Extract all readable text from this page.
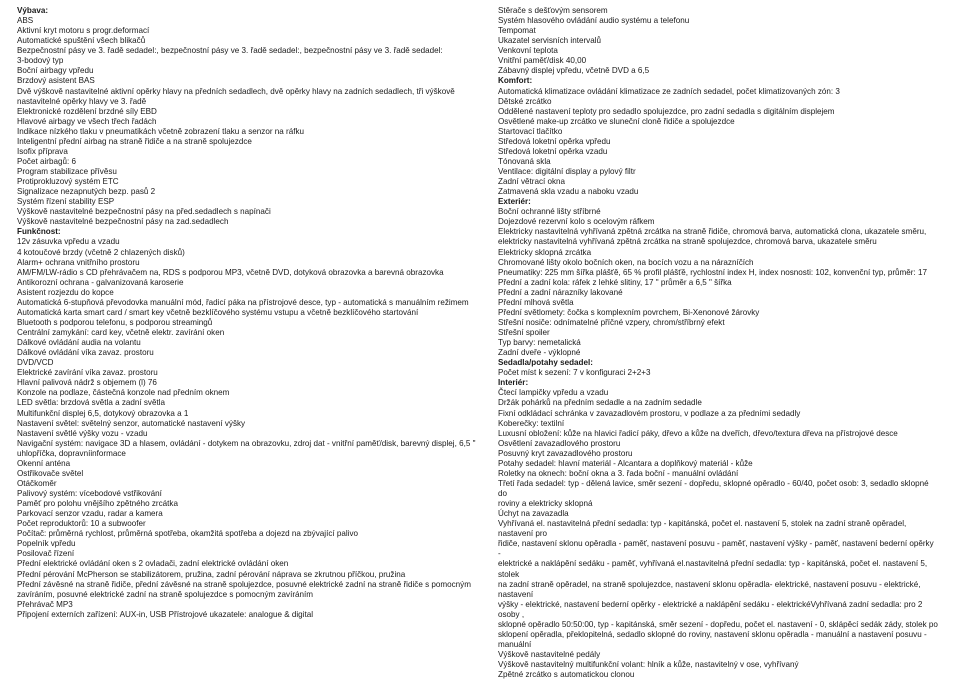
Výbava:
ABS
Aktivní kryt motoru s progr.deformací
Automatické spuštění všech blikačů
Bezpečnostní pásy ve 3. řadě sedadel:, bezpečnostní pásy ve 3. řadě sedadel:, bezpečnostní pásy ve 3. řadě sedadel:
3-bodový typ
Boční airbagy vpředu
Brzdový asistent BAS
Dvě výškově nastavitelné aktivní opěrky hlavy na předních sedadlech, dvě opěrky hlavy na zadních sedadlech, tři výškově
nastavitelné opěrky hlavy ve 3. řadě
Elektronické rozdělení brzdné síly EBD
Hlavové airbagy ve všech třech řadách
Indikace nízkého tlaku v pneumatikách včetně zobrazení tlaku a senzor na ráfku
Inteligentní přední airbag na straně řidiče a na straně spolujezdce
Isofix příprava
Počet airbagů: 6
Program stabilizace přívěsu
Protiprokluzový systém ETC
Signalizace nezapnutých bezp. pasů 2
Systém řízení stability ESP
Výškově nastavitelné bezpečnostní pásy na před.sedadlech s napínači
Výškově nastavitelné bezpečnostní pásy na zad.sedadlech
Funkčnost:
12v zásuvka vpředu a vzadu
4 kotoučové brzdy (včetně 2 chlazených disků)
Alarm+ ochrana vnitřního prostoru
AM/FM/LW-rádio s CD přehrávačem na, RDS s podporou MP3, včetně DVD, dotyková obrazovka a barevná obrazovka
Antikorozní ochrana - galvanizovaná karoserie
Asistent rozjezdu do kopce
Automatická 6-stupňová převodovka manuální mód, řadicí páka na přístrojové desce, typ - automatická s manuálním režimem
Automatická karta smart card / smart key včetně bezklíčového systému vstupu a včetně bezklíčového startování
Bluetooth s podporou telefonu, s podporou streamingů
Centrální zamykání: card key, včetně elektr. zavírání oken
Dálkové ovládání audia na volantu
Dálkové ovládání víka zavaz. prostoru
DVD/VCD
Elektrické zavírání víka zavaz. prostoru
Hlavní palivová nádrž s objemem (l) 76
Konzole na podlaze, částečná konzole nad předním oknem
LED světla: brzdová světla a zadní světla
Multifunkční displej 6,5, dotykový obrazovka a 1
Nastavení světel: světelný senzor, automatické nastavení výšky
Nastavení světlé výšky vozu - vzadu
Navigační systém: navigace 3D a hlasem, ovládání - dotykem na obrazovku, zdroj dat - vnitřní paměť/disk, barevný displej, 6,5 "
uhlopříčka, dopravníinformace
Okenní anténa
Ostřikovače světel
Otáčkoměr
Palivový systém: vícebodové vstřikování
Paměť pro polohu vnějšího zpětného zrcátka
Parkovací senzor vzadu, radar a kamera
Počet reproduktorů: 10 a subwoofer
Počítač: průměrná rychlost, průměrná spotřeba, okamžitá spotřeba a dojezd na zbývající palivo
Popelník vpředu
Posilovač řízení
Přední elektrické ovládání oken s 2 ovladači, zadní elektrické ovládání oken
Přední pérování McPherson se stabilizátorem, pružina, zadní pérování náprava se zkrutnou příčkou, pružina
Přední závěsné na straně řidiče, přední závěsné na straně spolujezdce, posuvné elektrické zadní na straně řidiče s pomocným
zavíráním, posuvné elektrické zadní na straně spolujezdce s pomocným zavíráním
Přehrávač MP3
Připojení externích zařízení: AUX-in, USB Přístrojové ukazatele: analogue & digital
Stěrače s dešťovým sensorem
Systém hlasového ovládání audio systému a telefonu
Tempomat
Ukazatel servisních intervalů
Venkovní teplota
Vnitřní paměť/disk 40,00
Zábavný displej vpředu, včetně DVD a 6,5
Komfort:
Automatická klimatizace ovládání klimatizace ze zadních sedadel, počet klimatizovaných zón: 3
Dětské zrcátko
Oddělené nastavení teploty pro sedadlo spolujezdce, pro zadní sedadla s digitálním displejem
Osvětlené make-up zrcátko ve sluneční cloně řidiče a spolujezdce
Startovací tlačítko
Středová loketní opěrka vpředu
Středová loketní opěrka vzadu
Tónovaná skla
Ventilace: digitální display a pylový filtr
Zadní větrací okna
Zatmavená skla vzadu a naboku vzadu
Exteriér:
Boční ochranné lišty stříbrné
Dojezdové rezervní kolo s ocelovým ráfkem
Elektricky nastavitelná vyhřívaná zpětná zrcátka na straně řidiče, chromová barva, automatická clona, ukazatele směru,
elektricky nastavitelná vyhřívaná zpětná zrcátka na straně spolujezdce, chromová barva, ukazatele směru
Elektricky sklopná zrcátka
Chromované lišty okolo bočních oken, na bocích vozu a na nárazníčích
Pneumatiky: 225 mm šířka plášťě, 65 % profil plášťě, rychlostní index H, index nosnosti: 102, konvenční typ, průměr: 17
Přední a zadní kola: ráfek z lehké slitiny, 17 " průměr a 6,5 " šířka
Přední a zadní nárazníky lakované
Přední mlhová světla
Přední světlomety: čočka s komplexním povrchem, Bi-Xenonové žárovky
Střešní nosiče: odnímatelné příčné vzpery, chrom/stříbrný efekt
Střešní spoiler
Typ barvy: nemetalická
Zadní dveře - výklopné
Sedadla/potahy sedadel:
Počet míst k sezení: 7 v konfiguraci 2+2+3
Interiér:
Čtecí lampičky vpředu a vzadu
Držák pohárků na předním sedadle a na zadním sedadle
Fixní odkládací schránka v zavazadlovém prostoru, v podlaze a za předními sedadly
Koberečky: textilní
Luxusní obložení: kůže na hlavici řadicí páky, dřevo a kůže na dveřích, dřevo/textura dřeva na přístrojové desce
Osvětlení zavazadlového prostoru
Posuvný kryt zavazadlového prostoru
Potahy sedadel: hlavní materiál - Alcantara a doplňkový materiál - kůže
Roletky na oknech: boční okna a 3. řada boční - manuální ovládání
Třetí řada sedadel: typ - dělená lavice, směr sezení - dopředu, sklopné opěradlo - 60/40, počet osob: 3, sedadlo sklopné do
roviny a elektricky sklopná
Úchyt na zavazadla
Vyhřívaná el. nastavitelná přední sedadla: typ - kapitánská, počet el. nastavení 5, stolek na zadní straně opěradel, nastavení pro
řidiče, nastavení sklonu opěradla - paměť, nastavení posuvu - paměť, nastavení výšky - paměť, nastavení bederní opěrky -
elektrické a naklápění sedáku - paměť, vyhřívaná el.nastavitelná přední sedadla: typ - kapitánská, počet el. nastavení 5, stolek
na zadní straně opěradel, na straně spolujezdce, nastavení sklonu opěradla- elektrické, nastavení posuvu - elektrické, nastavení
výšky - elektrické, nastavení bederní opěrky - elektrické a naklápění sedáku - elektrickéVyhřívaná zadní sedadla: pro 2 osoby ,
sklopné opěradlo 50:50:00, typ - kapitánská, směr sezení - dopředu, počet el. nastavení - 0, sklápěcí sedák zády, stolek po
sklopení opěradla, překlopitelná, sedadlo sklopné do roviny, nastavení sklonu opěradla - manuální a nastavení posuvu -
manuální
Výškově nastavitelné pedály
Výškově nastavitelný multifunkční volant: hlník a kůže, nastavitelný v ose, vyhřívaný
Zpětné zrcátko s automatickou clonou
